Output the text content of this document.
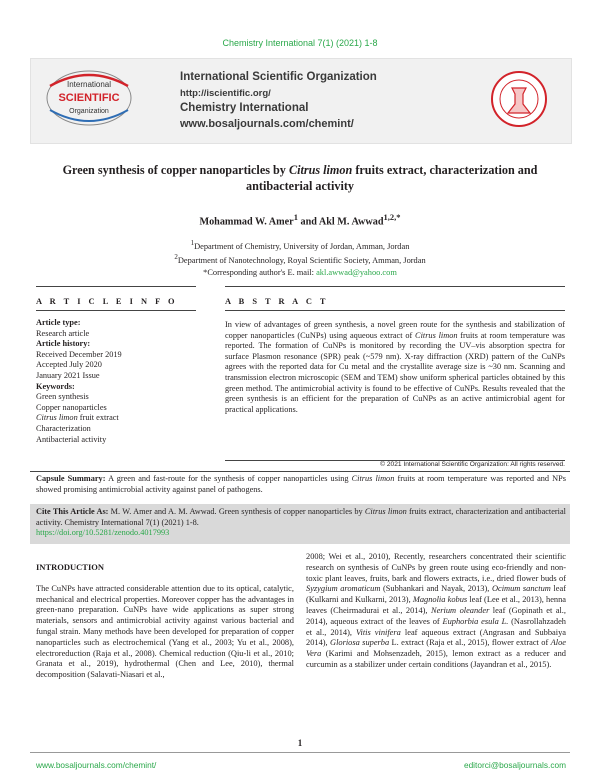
Chemistry International 7(1) (2021) 1-8
International
SCIENTIFIC
Organization
International Scientific Organization
http://iscientific.org/
Chemistry International
www.bosaljournals.com/chemint/
Green synthesis of copper nanoparticles by Citrus limon fruits extract, characterization and antibacterial activity
Mohammad W. Amer$^1$ and Akl M. Awwad$^{1,2,*}$
$^1$Department of Chemistry, University of Jordan, Amman, Jordan
$^2$Department of Nanotechnology, Royal Scientific Society, Amman, Jordan
*Corresponding author's E. mail: akl.awwad@yahoo.com
A R T I C L E I N F O	A B S T R A C T
Article type:
Research article
Article history:
Received December 2019
Accepted July 2020
January 2021 Issue
Keywords:
Green synthesis
Copper nanoparticles
Citrus limon fruit extract
Characterization
Antibacterial activity
In view of advantages of green synthesis, a novel green route for the synthesis and stabilization of copper nanoparticles (CuNPs) using aqueous extract of Citrus limon fruits at room temperature was reported. The formation of CuNPs is monitored by recording the UV–vis absorption spectra for surface Plasmon resonance (SPR) peak (~579 nm). X-ray diffraction (XRD) pattern of the CuNPs agrees with the reported data for Cu metal and the crystallite average size is ~30 nm. Scanning and transmission electron microscopic (SEM and TEM) show uniform spherical particles obtained by this green method. The antimicrobial activity is found to be effective of CuNPs. Results revealed that the green synthesis is an efficient for the preparation of CuNPs as an active antimicrobial agent for practical applications.
© 2021 International Scientific Organization: All rights reserved.
Capsule Summary: A green and fast-route for the synthesis of copper nanoparticles using Citrus limon fruits at room temperature was reported and NPs showed promising antimicrobial activity against panel of pathogens.
Cite This Article As: M. W. Amer and A. M. Awwad. Green synthesis of copper nanoparticles by Citrus limon fruits extract, characterization and antibacterial activity. Chemistry International 7(1) (2021) 1-8.
https://doi.org/10.5281/zenodo.4017993
INTRODUCTION

The CuNPs have attracted considerable attention due to its optical, catalytic, mechanical and electrical properties. Moreover copper has the advantages in green-nano preparation. CuNPs have wide applications as super strong materials, sensors and antimicrobial activity against various bacterial and fungal strain. Many methods have been developed for preparation of copper nanoparticles such as electrochemical (Yang et al., 2003; Yu et al., 2008), electroreduction (Raja et al., 2008). Chemical reduction (Qiu-li et al., 2010; Granata et al., 2019), hydrothermal (Chen and Lee, 2010), thermal decomposition (Salavati-Niasari et al.,

2008; Wei et al., 2010), Recently, researchers concentrated their scientific research on synthesis of CuNPs by green route using eco-friendly and non-toxic plant leaves, fruits, bark and flowers extracts, i.e., dried flower buds of Syzygium aromaticum (Subhankari and Nayak, 2013), Ocimum sanctum leaf (Kulkarni and Kulkarni, 2013), Magnolia kobus leaf (Lee et al., 2013), henna leaves (Cheirmadurai et al., 2014), Nerium oleander leaf (Gopinath et al., 2014), aqueous extract of the leaves of Euphorbia esula L. (Nasrollahzadeh et al., 2014), Vitis vinifera leaf aqueous extract (Angrasan and Subbaiya 2014), Gloriosa superba L. extract (Raja et al., 2015), flower extract of Aloe Vera (Karimi and Mohsenzadeh, 2015), lemon extract as a reducer and curcumin as a stabilizer under certain conditions (Jayandran et al., 2015).

1
www.bosaljournals.com/chemint/	editorci@bosaljournals.com
